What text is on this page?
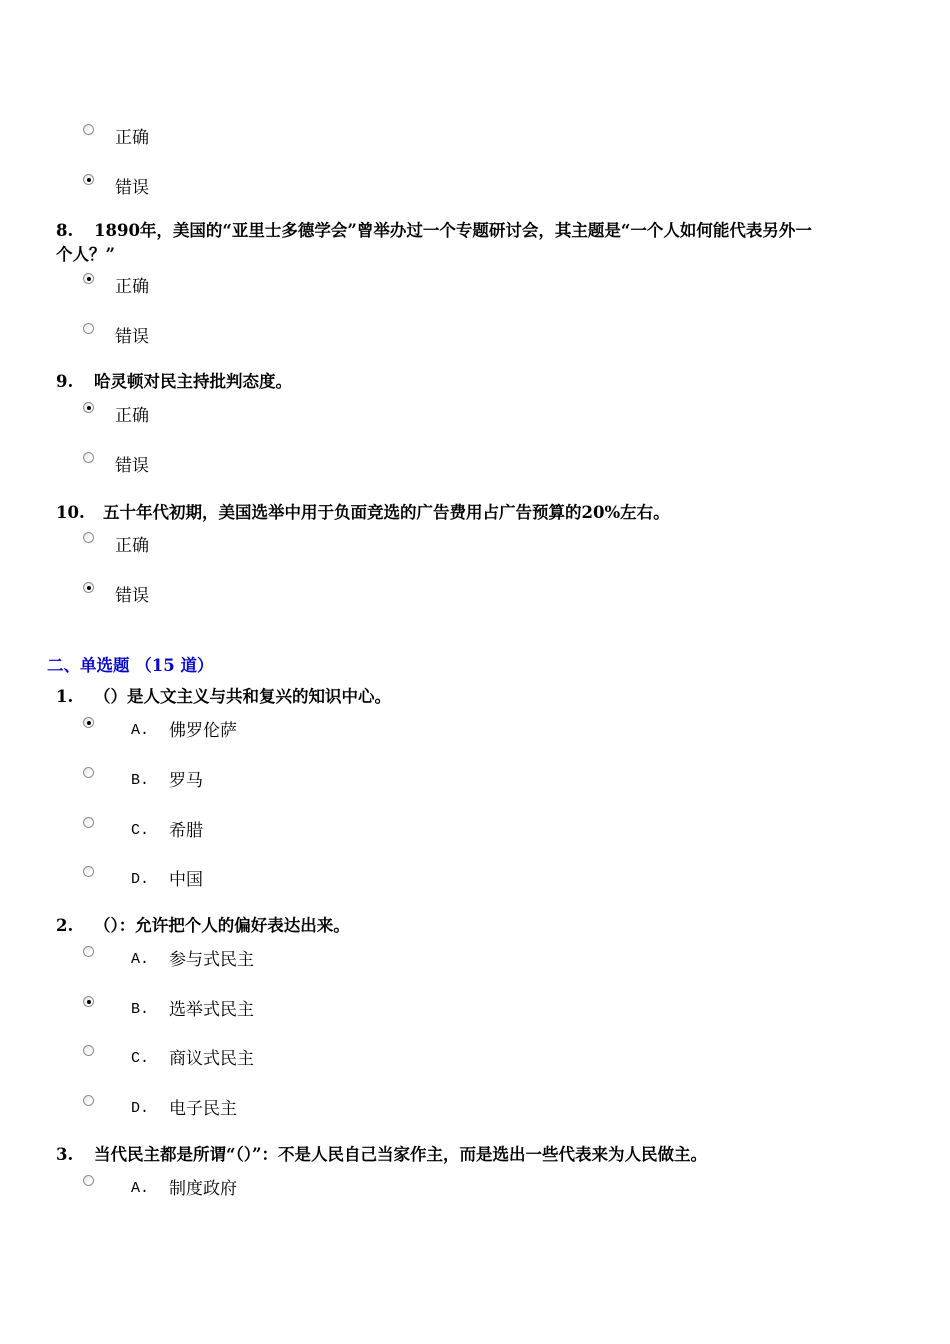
正确
错误
8. 1890年，美国的“亚里士多德学会”曾举办过一个专题研讨会，其主题是“一个人如何能代表另外一
个人？”
正确
错误
9. 哈灵顿对民主持批判态度。
正确
错误
10. 五十年代初期，美国选举中用于负面竞选的广告费用占广告预算的20%左右。
正确
错误
二、单选题 （15 道）
1. （）是人文主义与共和复兴的知识中心。
A. 佛罗伦萨
B. 罗马
C. 希腊
D. 中国
2. （）：允许把个人的偏好表达出来。
A. 参与式民主
B. 选举式民主
C. 商议式民主
D. 电子民主
3. 当代民主都是所谓“（）”：不是人民自己当家作主，而是选出一些代表来为人民做主。
A. 制度政府
